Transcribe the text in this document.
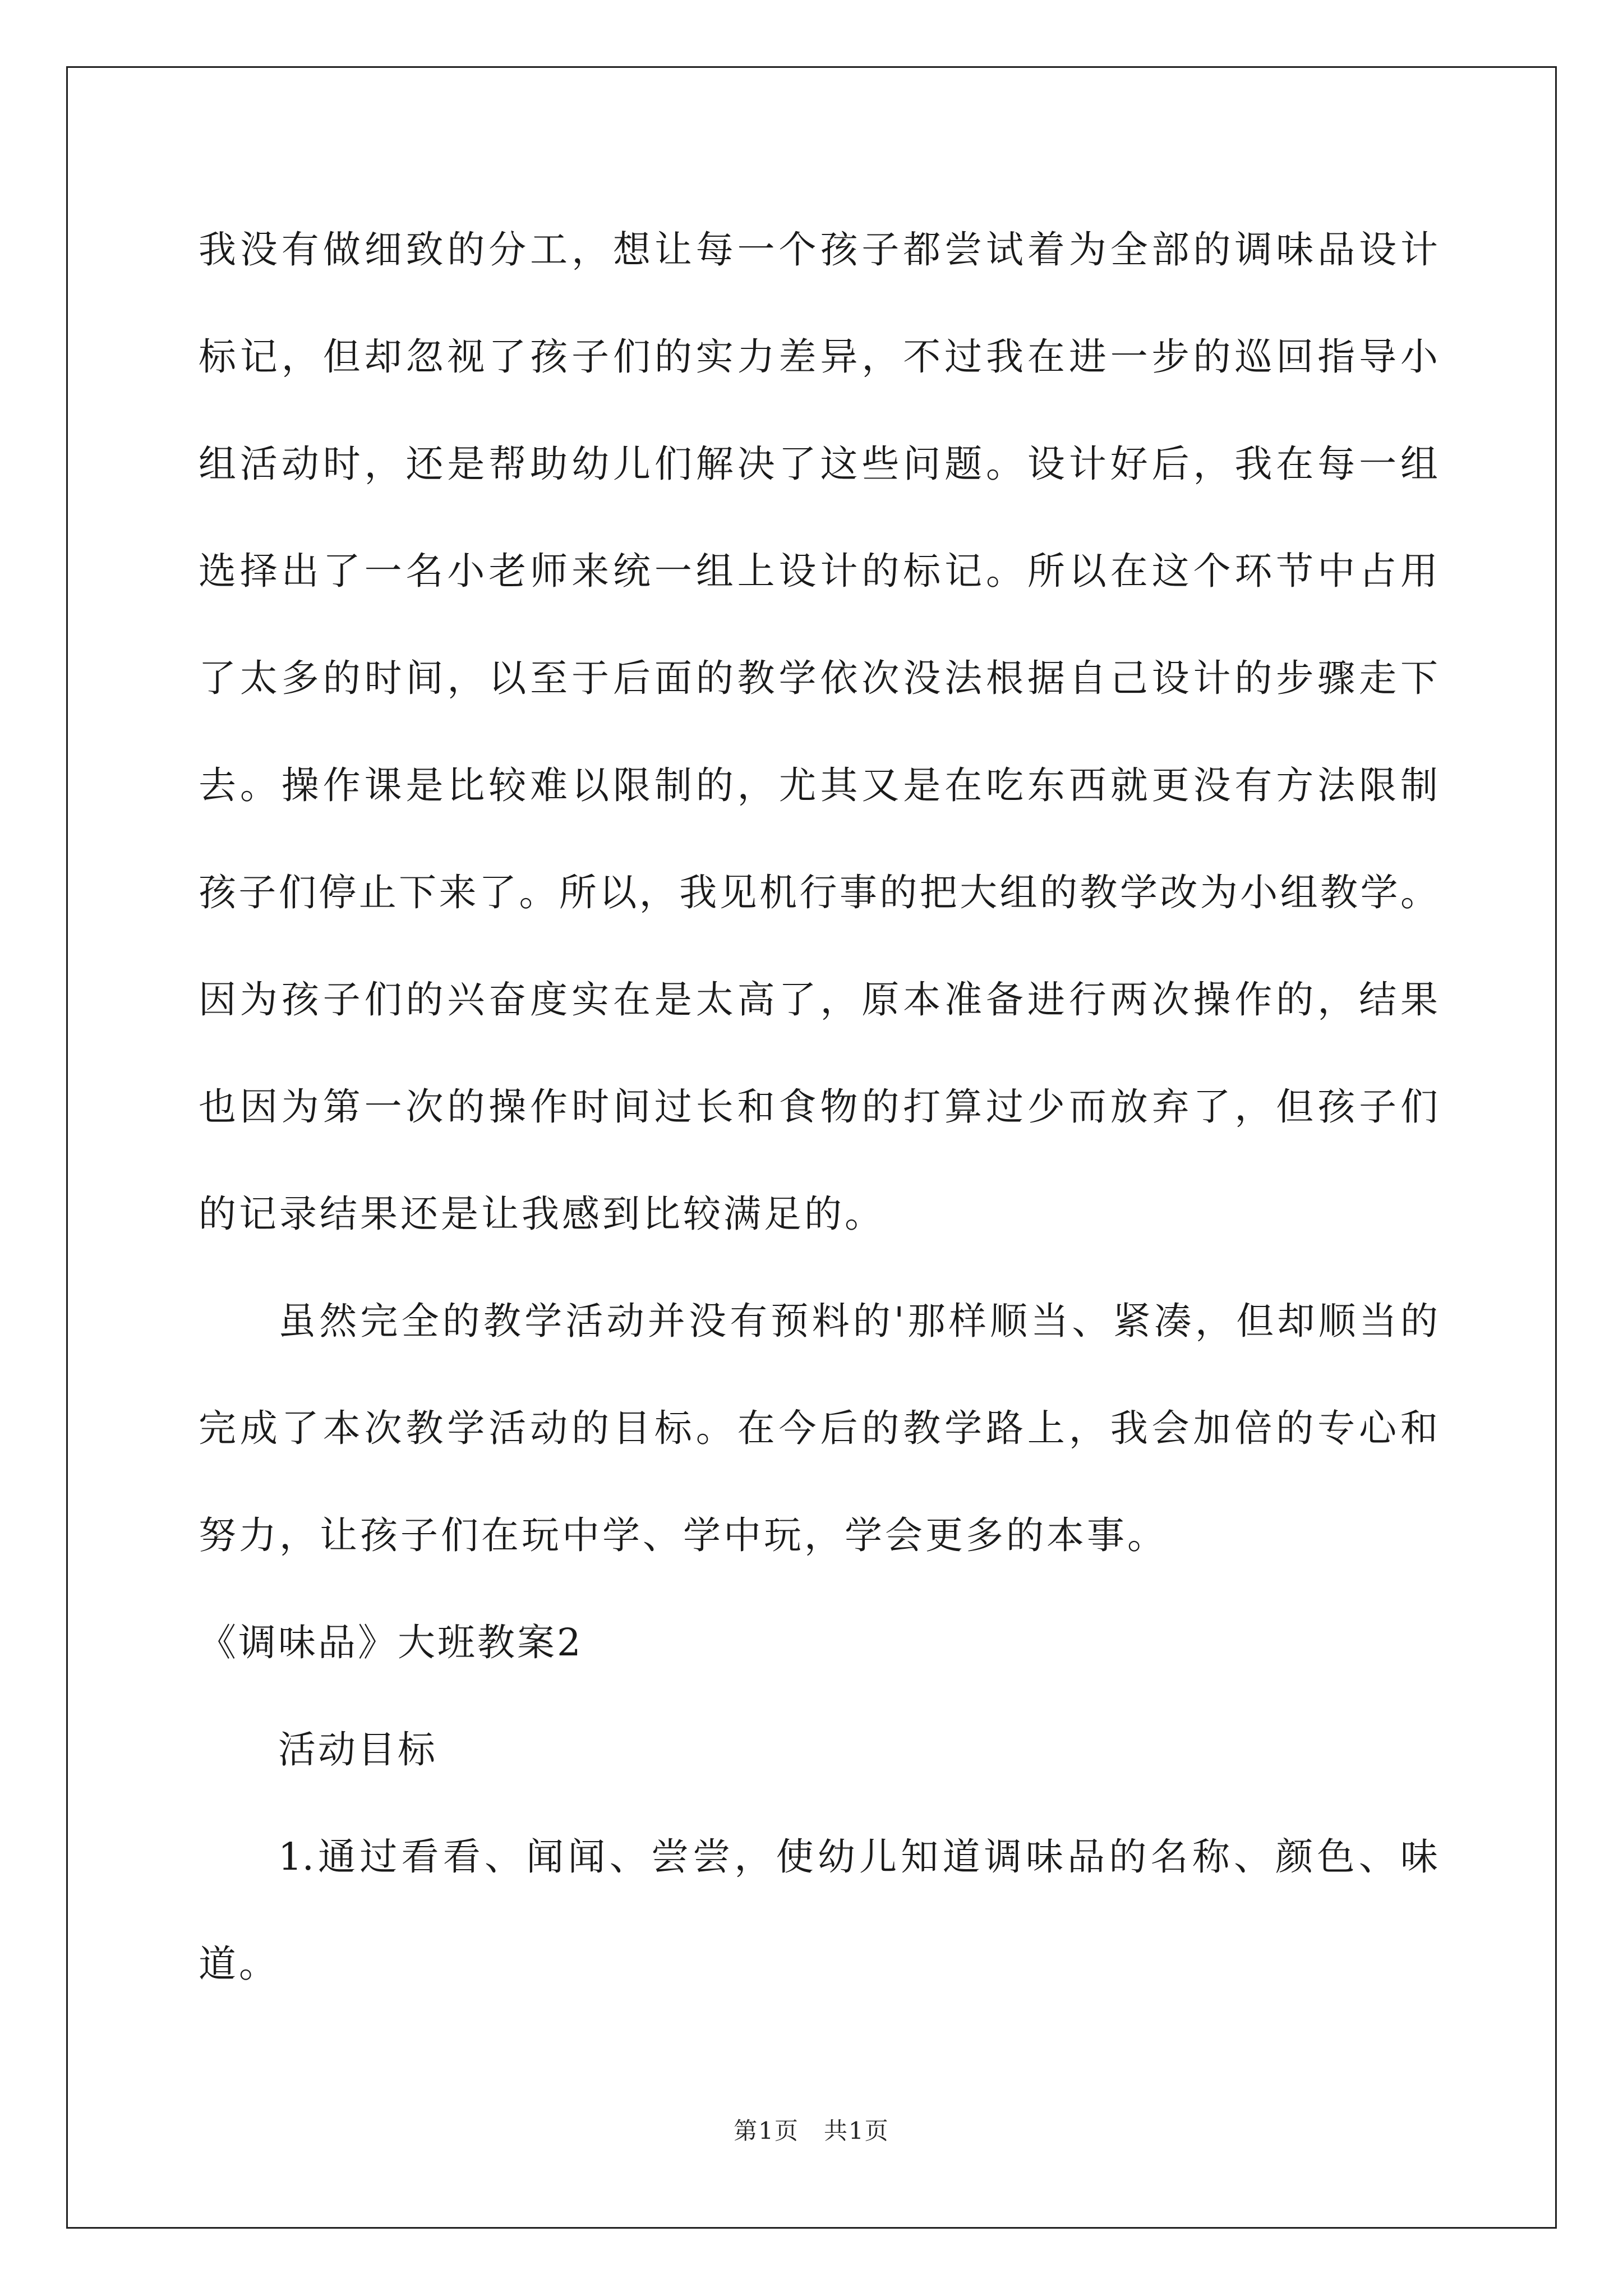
我没有做细致的分工，想让每一个孩子都尝试着为全部的调味品设计
标记，但却忽视了孩子们的实力差异，不过我在进一步的巡回指导小
组活动时，还是帮助幼儿们解决了这些问题。设计好后，我在每一组
选择出了一名小老师来统一组上设计的标记。所以在这个环节中占用
了太多的时间，以至于后面的教学依次没法根据自己设计的步骤走下
去。操作课是比较难以限制的，尤其又是在吃东西就更没有方法限制
孩子们停止下来了。所以，我见机行事的把大组的教学改为小组教学。
因为孩子们的兴奋度实在是太高了，原本准备进行两次操作的，结果
也因为第一次的操作时间过长和食物的打算过少而放弃了，但孩子们
的记录结果还是让我感到比较满足的。
虽然完全的教学活动并没有预料的'那样顺当、紧凑，但却顺当的
完成了本次教学活动的目标。在今后的教学路上，我会加倍的专心和
努力，让孩子们在玩中学、学中玩，学会更多的本事。
《调味品》大班教案2
活动目标
1.通过看看、闻闻、尝尝，使幼儿知道调味品的名称、颜色、味
道。
第1页　共1页
